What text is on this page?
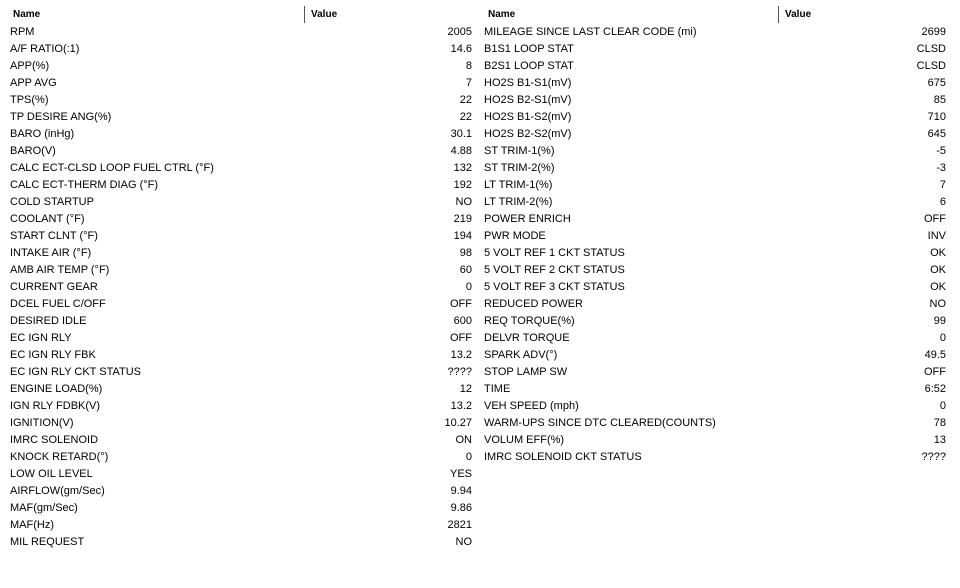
Name	Value
RPM	2005
A/F RATIO(:1)	14.6
APP(%)	8
APP AVG	7
TPS(%)	22
TP DESIRE ANG(%)	22
BARO (inHg)	30.1
BARO(V)	4.88
CALC ECT-CLSD LOOP FUEL CTRL (°F)	132
CALC ECT-THERM DIAG (°F)	192
COLD STARTUP	NO
COOLANT (°F)	219
START CLNT (°F)	194
INTAKE AIR (°F)	98
AMB AIR TEMP (°F)	60
CURRENT GEAR	0
DCEL FUEL C/OFF	OFF
DESIRED IDLE	600
EC IGN RLY	OFF
EC IGN RLY FBK	13.2
EC IGN RLY CKT STATUS	????
ENGINE LOAD(%)	12
IGN RLY FDBK(V)	13.2
IGNITION(V)	10.27
IMRC SOLENOID	ON
KNOCK RETARD(°)	0
LOW OIL LEVEL	YES
AIRFLOW(gm/Sec)	9.94
MAF(gm/Sec)	9.86
MAF(Hz)	2821
MIL REQUEST	NO
Name	Value
MILEAGE SINCE LAST CLEAR CODE (mi)	2699
B1S1 LOOP STAT	CLSD
B2S1 LOOP STAT	CLSD
HO2S B1-S1(mV)	675
HO2S B2-S1(mV)	85
HO2S B1-S2(mV)	710
HO2S B2-S2(mV)	645
ST TRIM-1(%)	-5
ST TRIM-2(%)	-3
LT TRIM-1(%)	7
LT TRIM-2(%)	6
POWER ENRICH	OFF
PWR MODE	INV
5 VOLT REF 1 CKT STATUS	OK
5 VOLT REF 2 CKT STATUS	OK
5 VOLT REF 3 CKT STATUS	OK
REDUCED POWER	NO
REQ TORQUE(%)	99
DELVR TORQUE	0
SPARK ADV(°)	49.5
STOP LAMP SW	OFF
TIME	6:52
VEH SPEED (mph)	0
WARM-UPS SINCE DTC CLEARED(COUNTS)	78
VOLUM EFF(%)	13
IMRC SOLENOID CKT STATUS	????
